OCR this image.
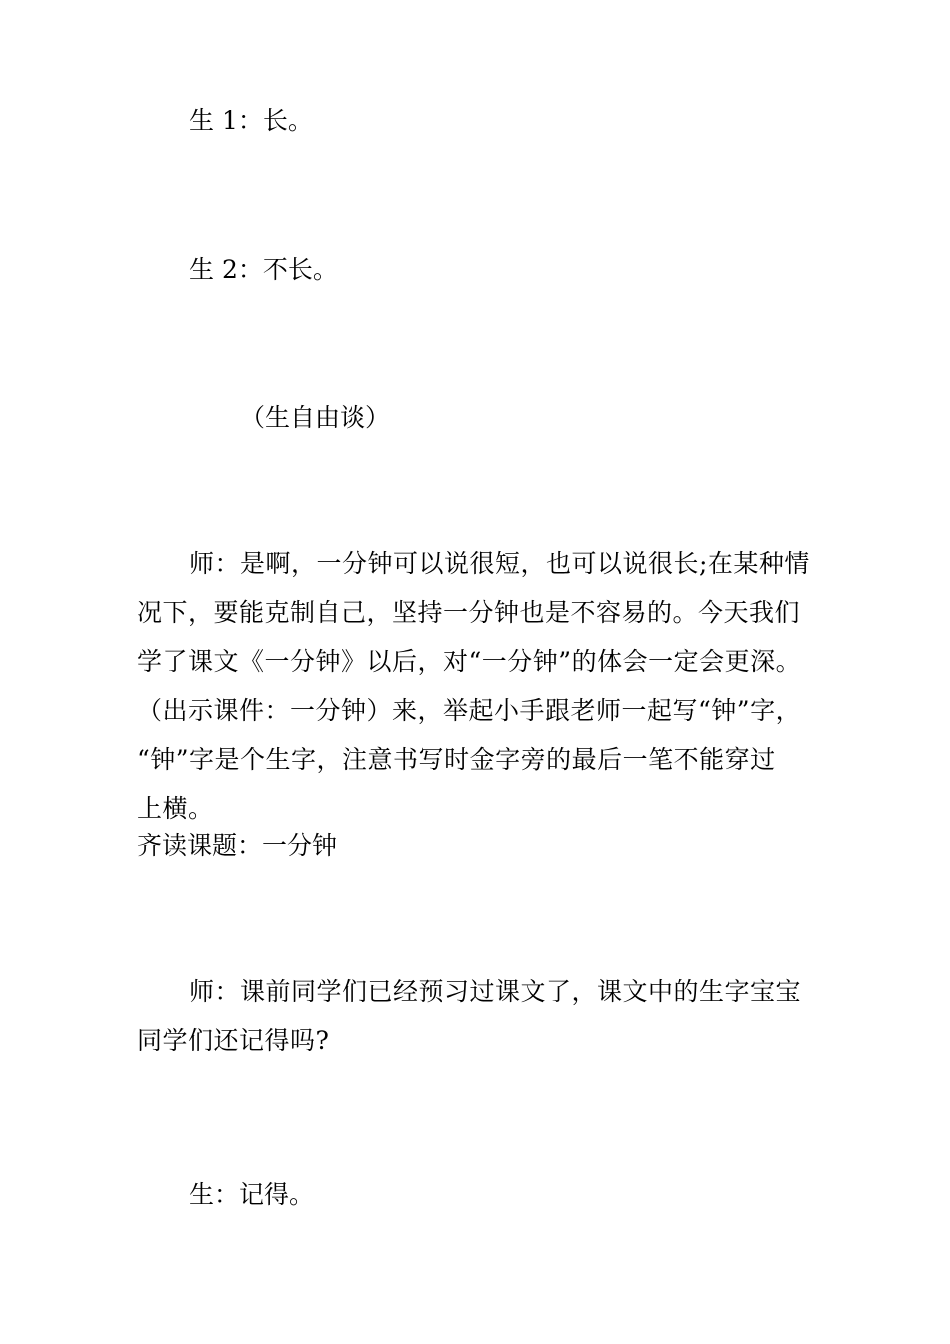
生 1：长。

生 2：不长。

（生自由谈）

师：是啊，一分钟可以说很短，也可以说很长;在某种情
况下，要能克制自己，坚持一分钟也是不容易的。今天我们
学了课文《一分钟》以后，对“一分钟”的体会一定会更深。
（出示课件：一分钟）来，举起小手跟老师一起写“钟”字，
“钟”字是个生字，注意书写时金字旁的最后一笔不能穿过
上横。

齐读课题：一分钟

师：课前同学们已经预习过课文了，课文中的生字宝宝
同学们还记得吗?

生：记得。
